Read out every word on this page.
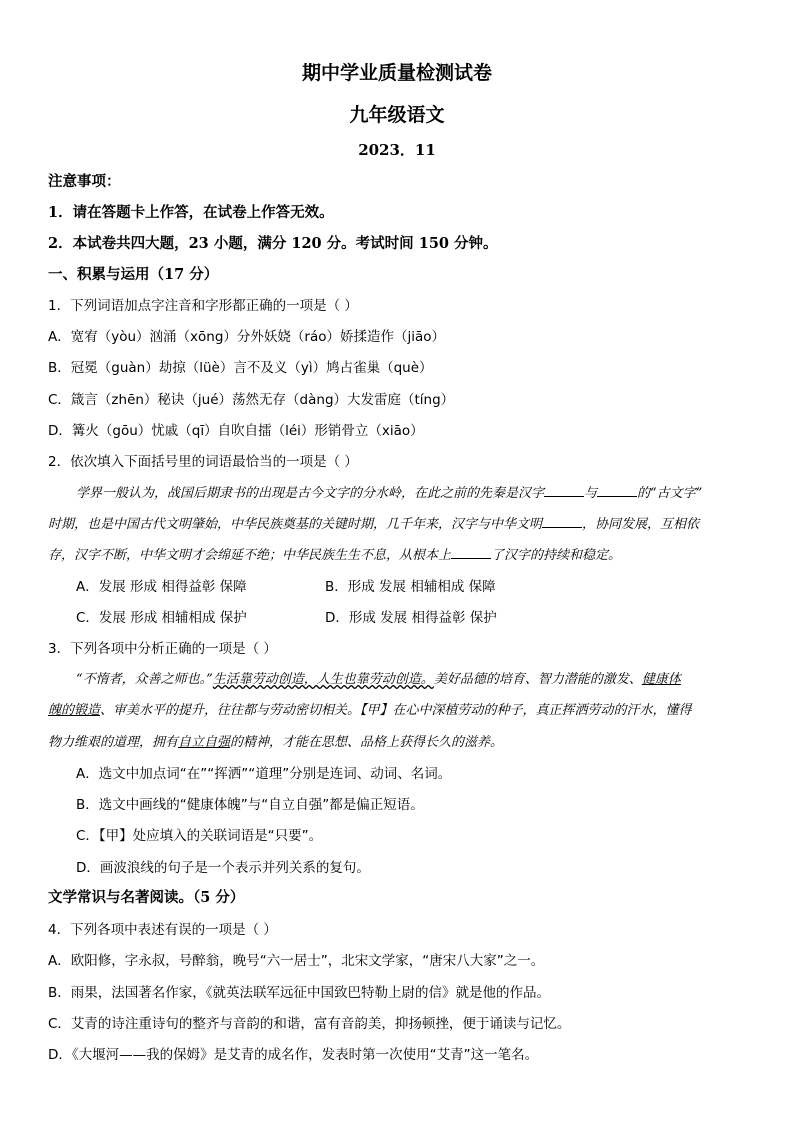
期中学业质量检测试卷
九年级语文
2023．11
注意事项：
1．请在答题卡上作答，在试卷上作答无效。
2．本试卷共四大题，23 小题，满分 120 分。考试时间 150 分钟。
一、积累与运用（17 分）
1．下列词语加点字注音和字形都正确的一项是（ ）
A．宽宥（yòu）汹涌（xōng）分外妖娆（ráo）娇揉造作（jiāo）
B．冠冕（guàn）劫掠（lüè）言不及义（yì）鸠占雀巢（què）
C．箴言（zhēn）秘诀（jué）荡然无存（dàng）大发雷庭（tíng）
D．篝火（gōu）忧戚（qī）自吹自擂（léi）形销骨立（xiāo）
2．依次填入下面括号里的词语最恰当的一项是（ ）
学界一般认为，战国后期隶书的出现是古今文字的分水岭，在此之前的先秦是汉字	与	的“古文字”
时期，也是中国古代文明肇始，中华民族奠基的关键时期，几千年来，汉字与中华文明	，协同发展，互相依
存，汉字不断，中华文明才会绵延不绝；中华民族生生不息，从根本上	了汉字的持续和稳定。
A．发展 形成 相得益彰 保障	B．形成 发展 相辅相成 保障
C．发展 形成 相辅相成 保护	D．形成 发展 相得益彰 保护
3．下列各项中分析正确的一项是（ ）
“不惰者，众善之师也。”生活靠劳动创造，人生也靠劳动创造。美好品德的培育、智力潜能的激发、健康体
魄的锻造、审美水平的提升，往往都与劳动密切相关。【甲】在心中深植劳动的种子，真正挥洒劳动的汗水，懂得
物力维艰的道理，拥有自立自强的精神，才能在思想、品格上获得长久的滋养。
A．选文中加点词“在”“挥洒”“道理”分别是连词、动词、名词。
B．选文中画线的“健康体魄”与“自立自强”都是偏正短语。
C．【甲】处应填入的关联词语是“只要”。
D．画波浪线的句子是一个表示并列关系的复句。
文学常识与名著阅读。（5 分）
4．下列各项中表述有误的一项是（ ）
A．欧阳修，字永叔，号醉翁，晚号“六一居士”，北宋文学家，“唐宋八大家”之一。
B．雨果，法国著名作家，《就英法联军远征中国致巴特勒上尉的信》就是他的作品。
C．艾青的诗注重诗句的整齐与音韵的和谐，富有音韵美，抑扬顿挫，便于诵读与记忆。
D．《大堰河——我的保姆》是艾青的成名作，发表时第一次使用“艾青”这一笔名。
